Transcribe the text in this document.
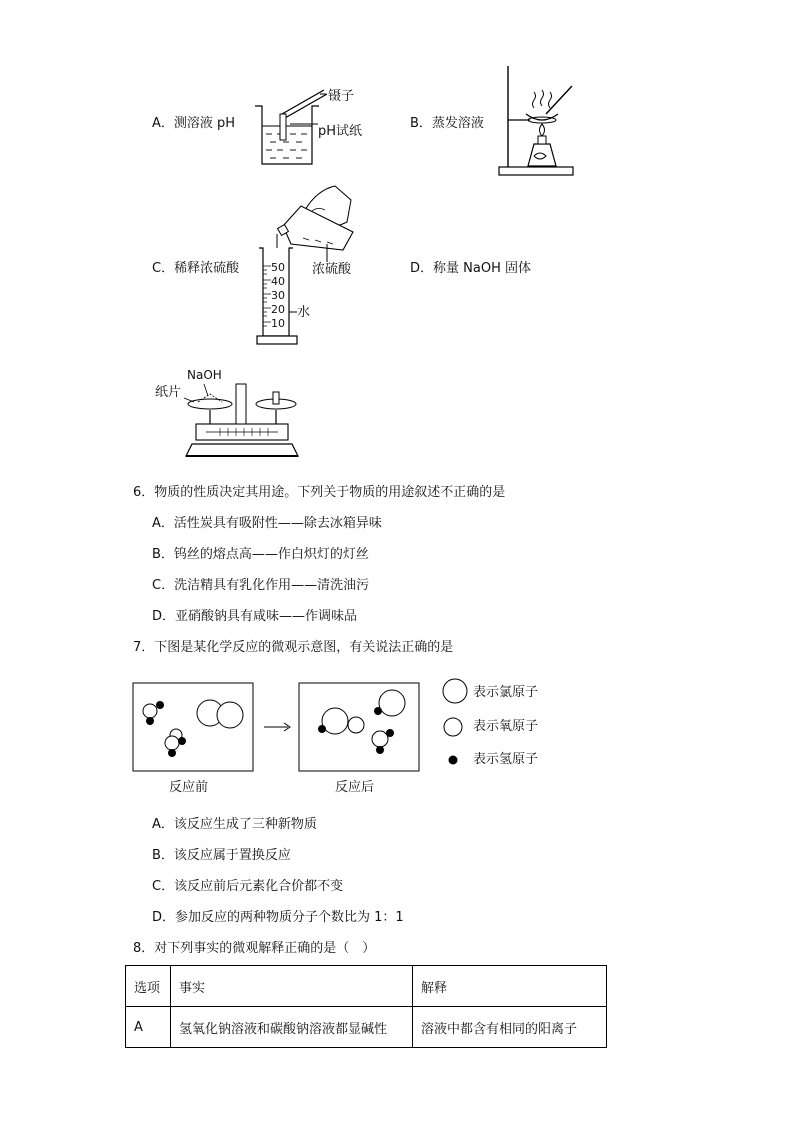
A．测溶液 pH
镊子
pH试纸
B．蒸发溶液
C．稀释浓硫酸	50
40
30
20
10
浓硫酸
水
D．称量 NaOH 固体
NaOH
纸片
6．物质的性质决定其用途。下列关于物质的用途叙述不正确的是
A．活性炭具有吸附性——除去冰箱异味
B．钨丝的熔点高——作白炽灯的灯丝
C．洗洁精具有乳化作用——清洗油污
D．亚硝酸钠具有咸味——作调味品
7．下图是某化学反应的微观示意图，有关说法正确的是
反应前	反应后
表示氯原子
表示氧原子
表示氢原子
A．该反应生成了三种新物质
B．该反应属于置换反应
C．该反应前后元素化合价都不变
D．参加反应的两种物质分子个数比为 1：1
8．对下列事实的微观解释正确的是（　）
选项	事实	解释
A	氢氧化钠溶液和碳酸钠溶液都显碱性	溶液中都含有相同的阳离子
